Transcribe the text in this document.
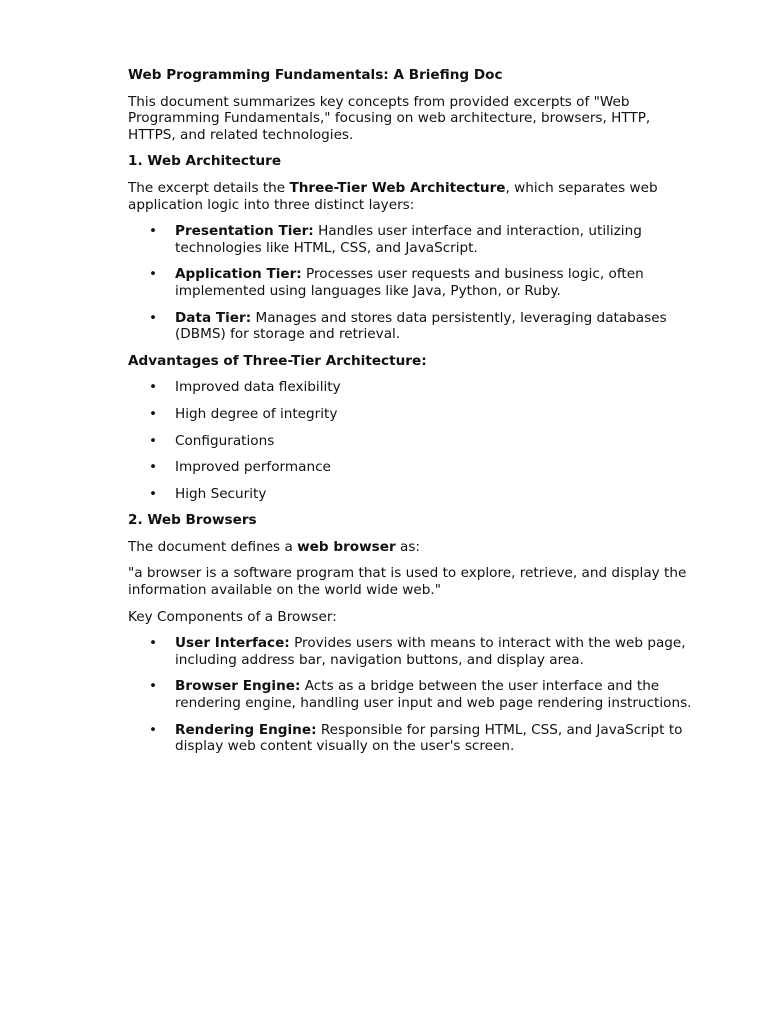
Web Programming Fundamentals: A Briefing Doc

This document summarizes key concepts from provided excerpts of "Web Programming Fundamentals," focusing on web architecture, browsers, HTTP, HTTPS, and related technologies.

1. Web Architecture

The excerpt details the Three-Tier Web Architecture, which separates web application logic into three distinct layers:

• Presentation Tier: Handles user interface and interaction, utilizing technologies like HTML, CSS, and JavaScript.
• Application Tier: Processes user requests and business logic, often implemented using languages like Java, Python, or Ruby.
• Data Tier: Manages and stores data persistently, leveraging databases (DBMS) for storage and retrieval.

Advantages of Three-Tier Architecture:

• Improved data flexibility
• High degree of integrity
• Configurations
• Improved performance
• High Security

2. Web Browsers

The document defines a web browser as:

"a browser is a software program that is used to explore, retrieve, and display the information available on the world wide web."

Key Components of a Browser:

• User Interface: Provides users with means to interact with the web page, including address bar, navigation buttons, and display area.
• Browser Engine: Acts as a bridge between the user interface and the rendering engine, handling user input and web page rendering instructions.
• Rendering Engine: Responsible for parsing HTML, CSS, and JavaScript to display web content visually on the user's screen.
